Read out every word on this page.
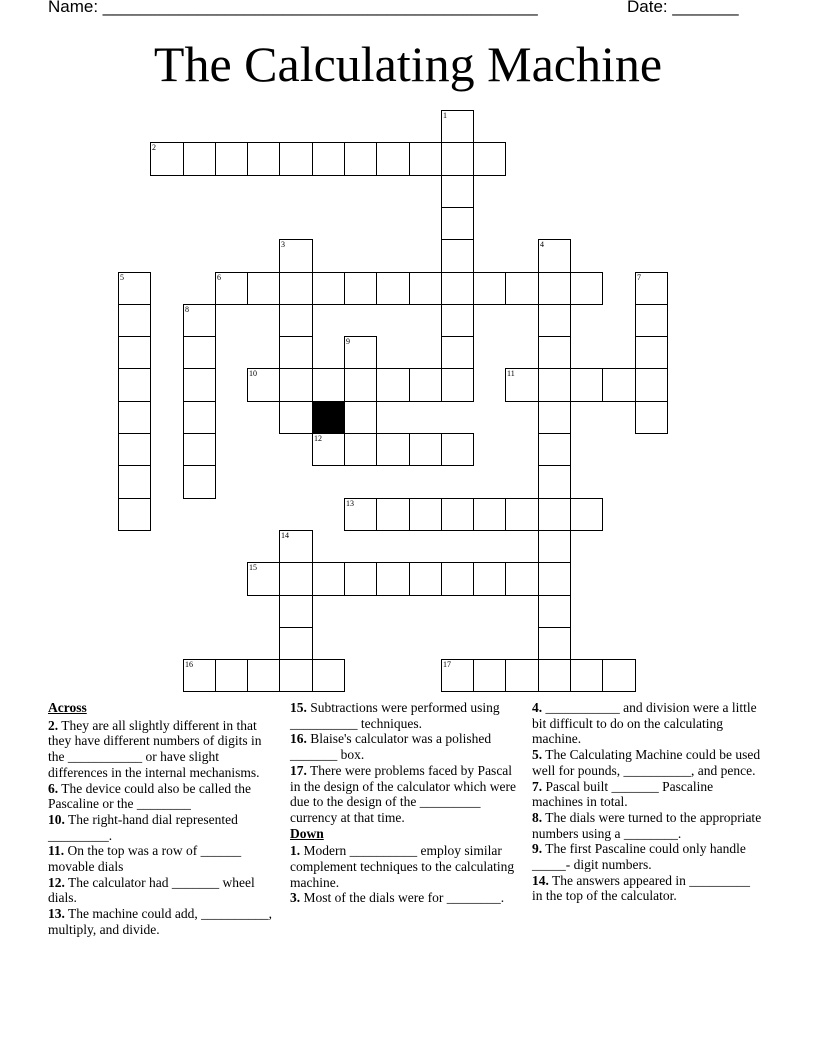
Name: ______________________________________________	Date: _______
The Calculating Machine
1
2
3	4
5	6	7
8
9
10	11
12
13
14
15
16	17
Across
2. They are all slightly different in that they have different numbers of digits in the ___________ or have slight differences in the internal mechanisms.
6. The device could also be called the Pascaline or the ________
10. The right-hand dial represented _________.
11. On the top was a row of ______ movable dials
12. The calculator had _______ wheel dials.
13. The machine could add, __________, multiply, and divide.
15. Subtractions were performed using __________ techniques.
16. Blaise's calculator was a polished _______ box.
17. There were problems faced by Pascal in the design of the calculator which were due to the design of the _________ currency at that time.
Down
1. Modern __________ employ similar complement techniques to the calculating machine.
3. Most of the dials were for ________.
4. ___________ and division were a little bit difficult to do on the calculating machine.
5. The Calculating Machine could be used well for pounds, __________, and pence.
7. Pascal built _______ Pascaline machines in total.
8. The dials were turned to the appropriate numbers using a ________.
9. The first Pascaline could only handle _____- digit numbers.
14. The answers appeared in _________ in the top of the calculator.
